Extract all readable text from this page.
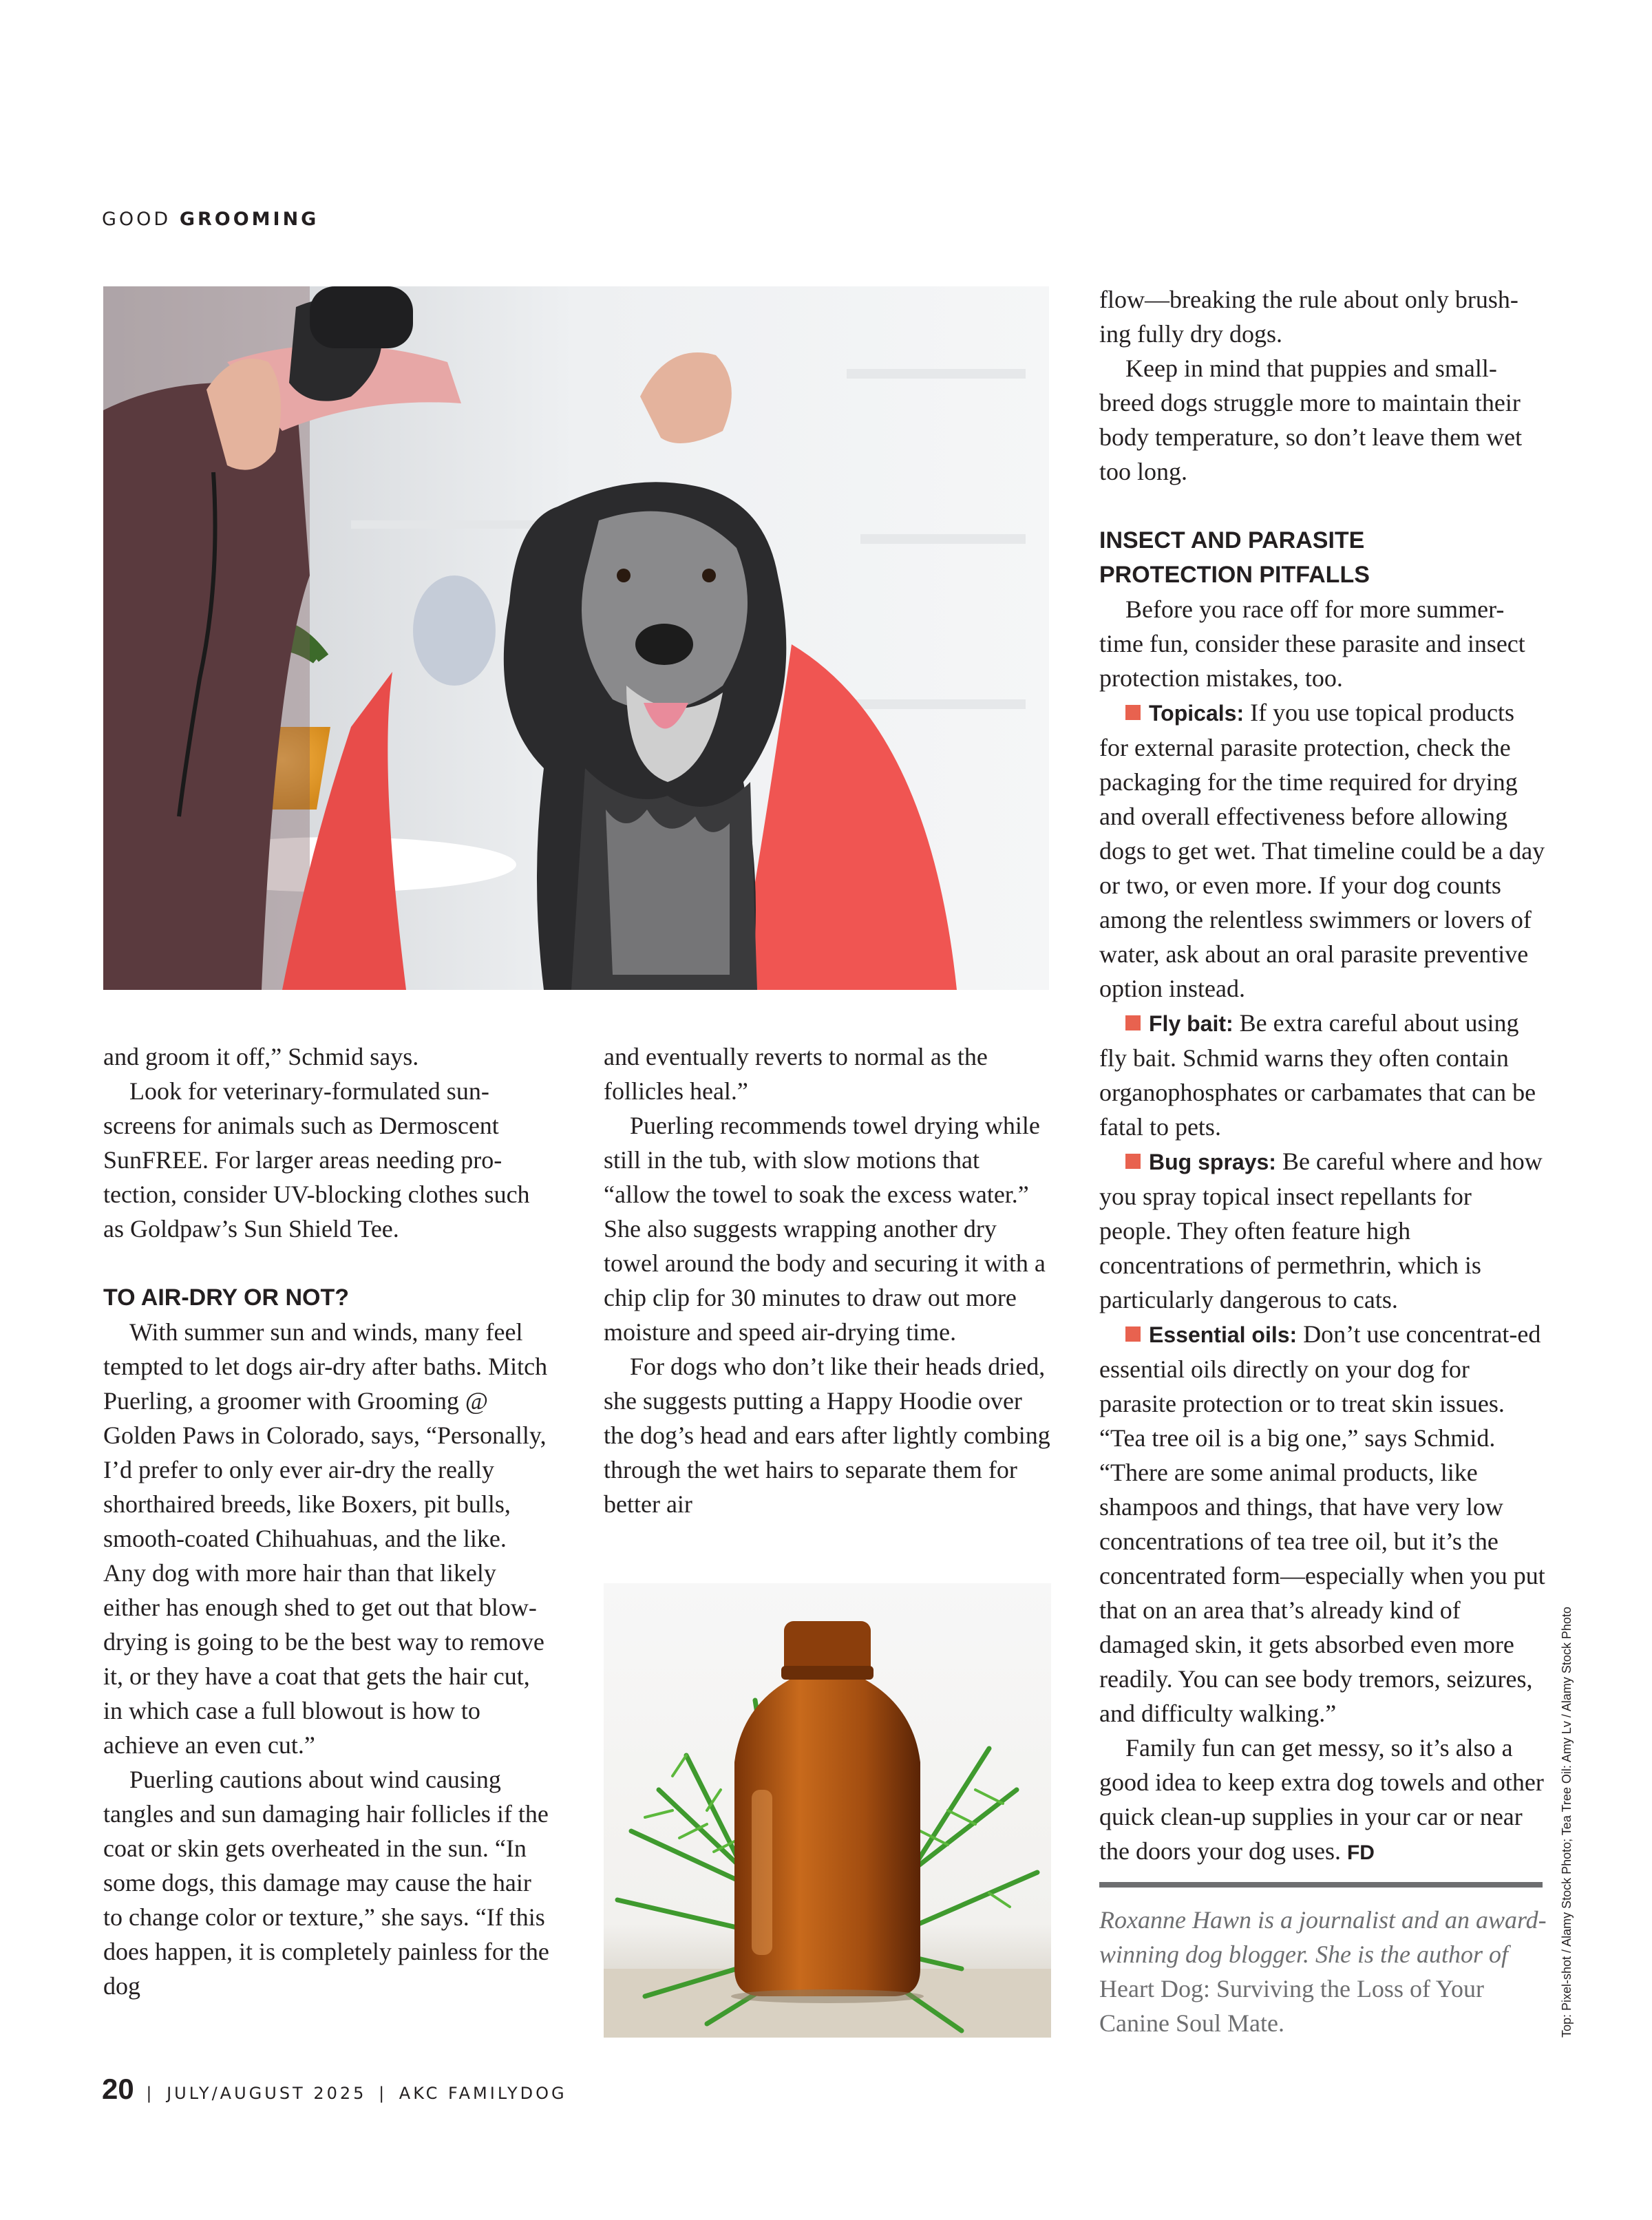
GOOD GROOMING

and groom it off,” Schmid says.

Look for veterinary-formulated sun-screens for animals such as Dermoscent SunFREE. For larger areas needing pro-tection, consider UV-blocking clothes such as Goldpaw’s Sun Shield Tee.

TO AIR-DRY OR NOT?

With summer sun and winds, many feel tempted to let dogs air-dry after baths. Mitch Puerling, a groomer with Grooming @ Golden Paws in Colorado, says, “Personally, I’d prefer to only ever air-dry the really shorthaired breeds, like Boxers, pit bulls, smooth-coated Chihuahuas, and the like. Any dog with more hair than that likely either has enough shed to get out that blow-drying is going to be the best way to remove it, or they have a coat that gets the hair cut, in which case a full blowout is how to achieve an even cut.”

Puerling cautions about wind causing tangles and sun damaging hair follicles if the coat or skin gets overheated in the sun. “In some dogs, this damage may cause the hair to change color or texture,” she says. “If this does happen, it is completely painless for the dog

and eventually reverts to normal as the follicles heal.”

Puerling recommends towel drying while still in the tub, with slow motions that “allow the towel to soak the excess water.” She also suggests wrapping another dry towel around the body and securing it with a chip clip for 30 minutes to draw out more moisture and speed air-drying time.

For dogs who don’t like their heads dried, she suggests putting a Happy Hoodie over the dog’s head and ears after lightly combing through the wet hairs to separate them for better air

flow—breaking the rule about only brush-ing fully dry dogs.

Keep in mind that puppies and small-breed dogs struggle more to maintain their body temperature, so don’t leave them wet too long.

INSECT AND PARASITE
PROTECTION PITFALLS

Before you race off for more summer-time fun, consider these parasite and insect protection mistakes, too.

Topicals: If you use topical products for external parasite protection, check the packaging for the time required for drying and overall effectiveness before allowing dogs to get wet. That timeline could be a day or two, or even more. If your dog counts among the relentless swimmers or lovers of water, ask about an oral parasite preventive option instead.

Fly bait: Be extra careful about using fly bait. Schmid warns they often contain organophosphates or carbamates that can be fatal to pets.

Bug sprays: Be careful where and how you spray topical insect repellants for people. They often feature high concentrations of permethrin, which is particularly dangerous to cats.

Essential oils: Don’t use concentrat-ed essential oils directly on your dog for parasite protection or to treat skin issues. “Tea tree oil is a big one,” says Schmid. “There are some animal products, like shampoos and things, that have very low concentrations of tea tree oil, but it’s the concentrated form—especially when you put that on an area that’s already kind of damaged skin, it gets absorbed even more readily. You can see body tremors, seizures, and difficulty walking.”

Family fun can get messy, so it’s also a good idea to keep extra dog towels and other quick clean-up supplies in your car or near the doors your dog uses. FD

Roxanne Hawn is a journalist and an award-winning dog blogger. She is the author of Heart Dog: Surviving the Loss of Your Canine Soul Mate.	Top: Pixel-shot / Alamy Stock Photo; Tea Tree Oil: Amy Lv / Alamy Stock Photo
20 | JULY/AUGUST 2025 | AKC FAMILYDOG
